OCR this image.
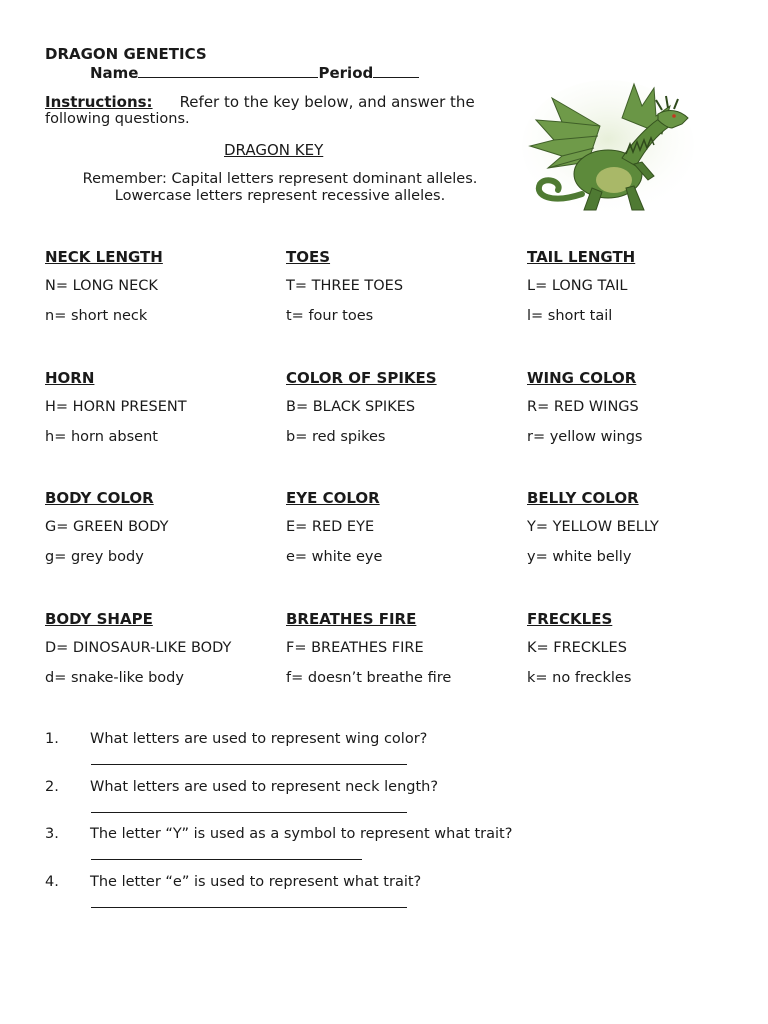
DRAGON GENETICS
Name	Period
Instructions: Refer to the key below, and answer the
following questions.
DRAGON KEY
Remember: Capital letters represent dominant alleles.
Lowercase letters represent recessive alleles.
NECK LENGTH
N= LONG NECK
n= short neck
TOES
T= THREE TOES
t= four toes
TAIL LENGTH
L= LONG TAIL
l= short tail
HORN
H= HORN PRESENT
h= horn absent
COLOR OF SPIKES
B= BLACK SPIKES
b= red spikes
WING COLOR
R= RED WINGS
r= yellow wings
BODY COLOR
G= GREEN BODY
g= grey body
EYE COLOR
E= RED EYE
e= white eye
BELLY COLOR
Y= YELLOW BELLY
y= white belly
BODY SHAPE
D= DINOSAUR-LIKE BODY
d= snake-like body
BREATHES FIRE
F= BREATHES FIRE
f= doesn’t breathe fire
FRECKLES
K= FRECKLES
k= no freckles
1. What letters are used to represent wing color?
2. What letters are used to represent neck length?
3. The letter “Y” is used as a symbol to represent what trait?
4. The letter “e” is used to represent what trait?
